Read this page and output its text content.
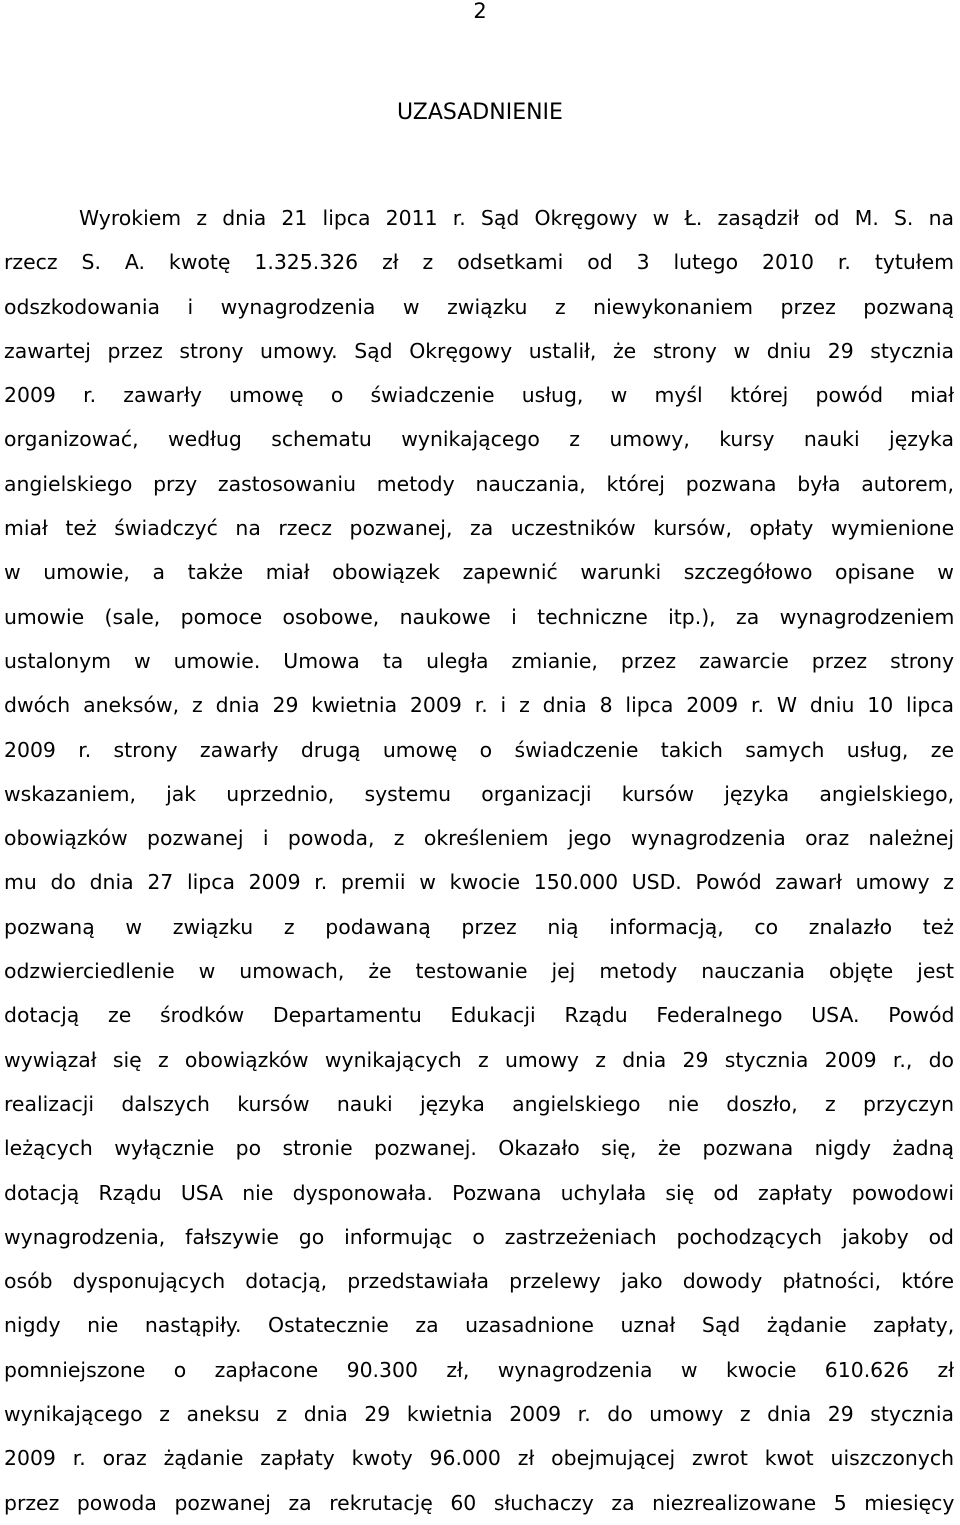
2
UZASADNIENIE
Wyrokiem z dnia 21 lipca 2011 r. Sąd Okręgowy w Ł. zasądził od M. S. na
rzecz S. A. kwotę 1.325.326 zł z odsetkami od 3 lutego 2010 r. tytułem
odszkodowania i wynagrodzenia w związku z niewykonaniem przez pozwaną
zawartej przez strony umowy. Sąd Okręgowy ustalił, że strony w dniu 29 stycznia
2009 r. zawarły umowę o świadczenie usług, w myśl której powód miał
organizować, według schematu wynikającego z umowy, kursy nauki języka
angielskiego przy zastosowaniu metody nauczania, której pozwana była autorem,
miał też świadczyć na rzecz pozwanej, za uczestników kursów, opłaty wymienione
w umowie, a także miał obowiązek zapewnić warunki szczegółowo opisane w
umowie (sale, pomoce osobowe, naukowe i techniczne itp.), za wynagrodzeniem
ustalonym w umowie. Umowa ta uległa zmianie, przez zawarcie przez strony
dwóch aneksów, z dnia 29 kwietnia 2009 r. i z dnia 8 lipca 2009 r. W dniu 10 lipca
2009 r. strony zawarły drugą umowę o świadczenie takich samych usług, ze
wskazaniem, jak uprzednio, systemu organizacji kursów języka angielskiego,
obowiązków pozwanej i powoda, z określeniem jego wynagrodzenia oraz należnej
mu do dnia 27 lipca 2009 r. premii w kwocie 150.000 USD. Powód zawarł umowy z
pozwaną w związku z podawaną przez nią informacją, co znalazło też
odzwierciedlenie w umowach, że testowanie jej metody nauczania objęte jest
dotacją ze środków Departamentu Edukacji Rządu Federalnego USA. Powód
wywiązał się z obowiązków wynikających z umowy z dnia 29 stycznia 2009 r., do
realizacji dalszych kursów nauki języka angielskiego nie doszło, z przyczyn
leżących wyłącznie po stronie pozwanej. Okazało się, że pozwana nigdy żadną
dotacją Rządu USA nie dysponowała. Pozwana uchylała się od zapłaty powodowi
wynagrodzenia, fałszywie go informując o zastrzeżeniach pochodzących jakoby od
osób dysponujących dotacją, przedstawiała przelewy jako dowody płatności, które
nigdy nie nastąpiły. Ostatecznie za uzasadnione uznał Sąd żądanie zapłaty,
pomniejszone o zapłacone 90.300 zł, wynagrodzenia w kwocie 610.626 zł
wynikającego z aneksu z dnia 29 kwietnia 2009 r. do umowy z dnia 29 stycznia
2009 r. oraz żądanie zapłaty kwoty 96.000 zł obejmującej zwrot kwot uiszczonych
przez powoda pozwanej za rekrutację 60 słuchaczy za niezrealizowane 5 miesięcy
